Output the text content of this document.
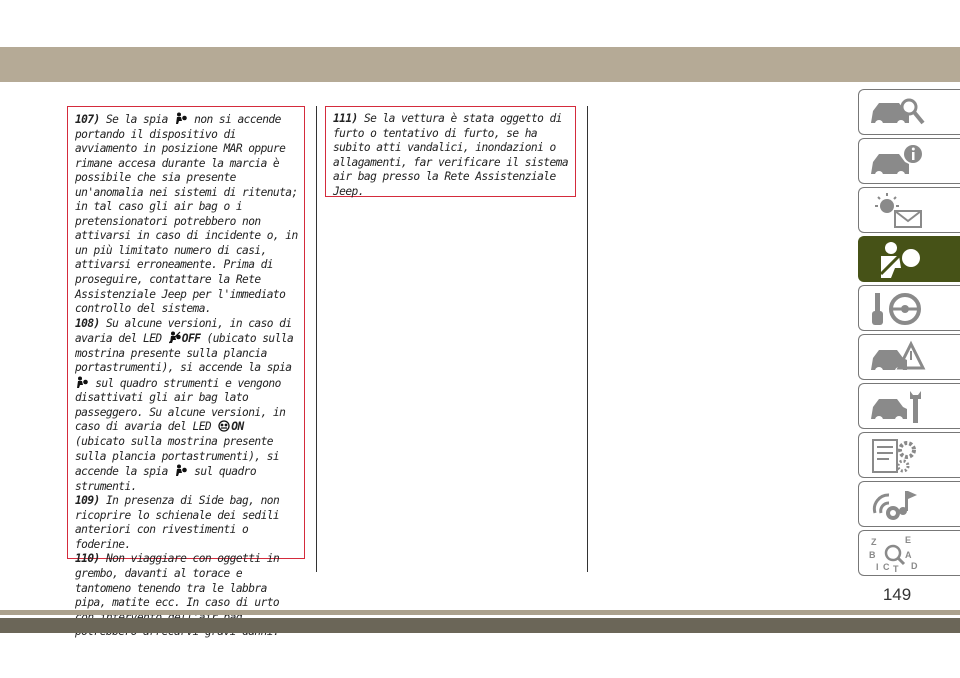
107) Se la spia non si accende portando il dispositivo di avviamento in posizione MAR oppure rimane accesa durante la marcia è possibile che sia presente un'anomalia nei sistemi di ritenuta; in tal caso gli air bag o i pretensionatori potrebbero non attivarsi in caso di incidente o, in un più limitato numero di casi, attivarsi erroneamente. Prima di proseguire, contattare la Rete Assistenziale Jeep per l'immediato controllo del sistema.

108) Su alcune versioni, in caso di avaria del LED OFF (ubicato sulla mostrina presente sulla plancia portastrumenti), si accende la spia  sul quadro strumenti e vengono disattivati gli air bag lato passeggero. Su alcune versioni, in caso di avaria del LED ON (ubicato sulla mostrina presente sulla plancia portastrumenti), si accende la spia sul quadro strumenti.

109) In presenza di Side bag, non ricoprire lo schienale dei sedili anteriori con rivestimenti o foderine.

110) Non viaggiare con oggetti in grembo, davanti al torace e tantomeno tenendo tra le labbra pipa, matite ecc. In caso di urto

111) Se la vettura è stata oggetto di furto o tentativo di furto, se ha subito atti vandalici, inondazioni o allagamenti, far verificare il sistema air bag presso la Rete Assistenziale Jeep.

Z	E
B	A
C D
I T
149
